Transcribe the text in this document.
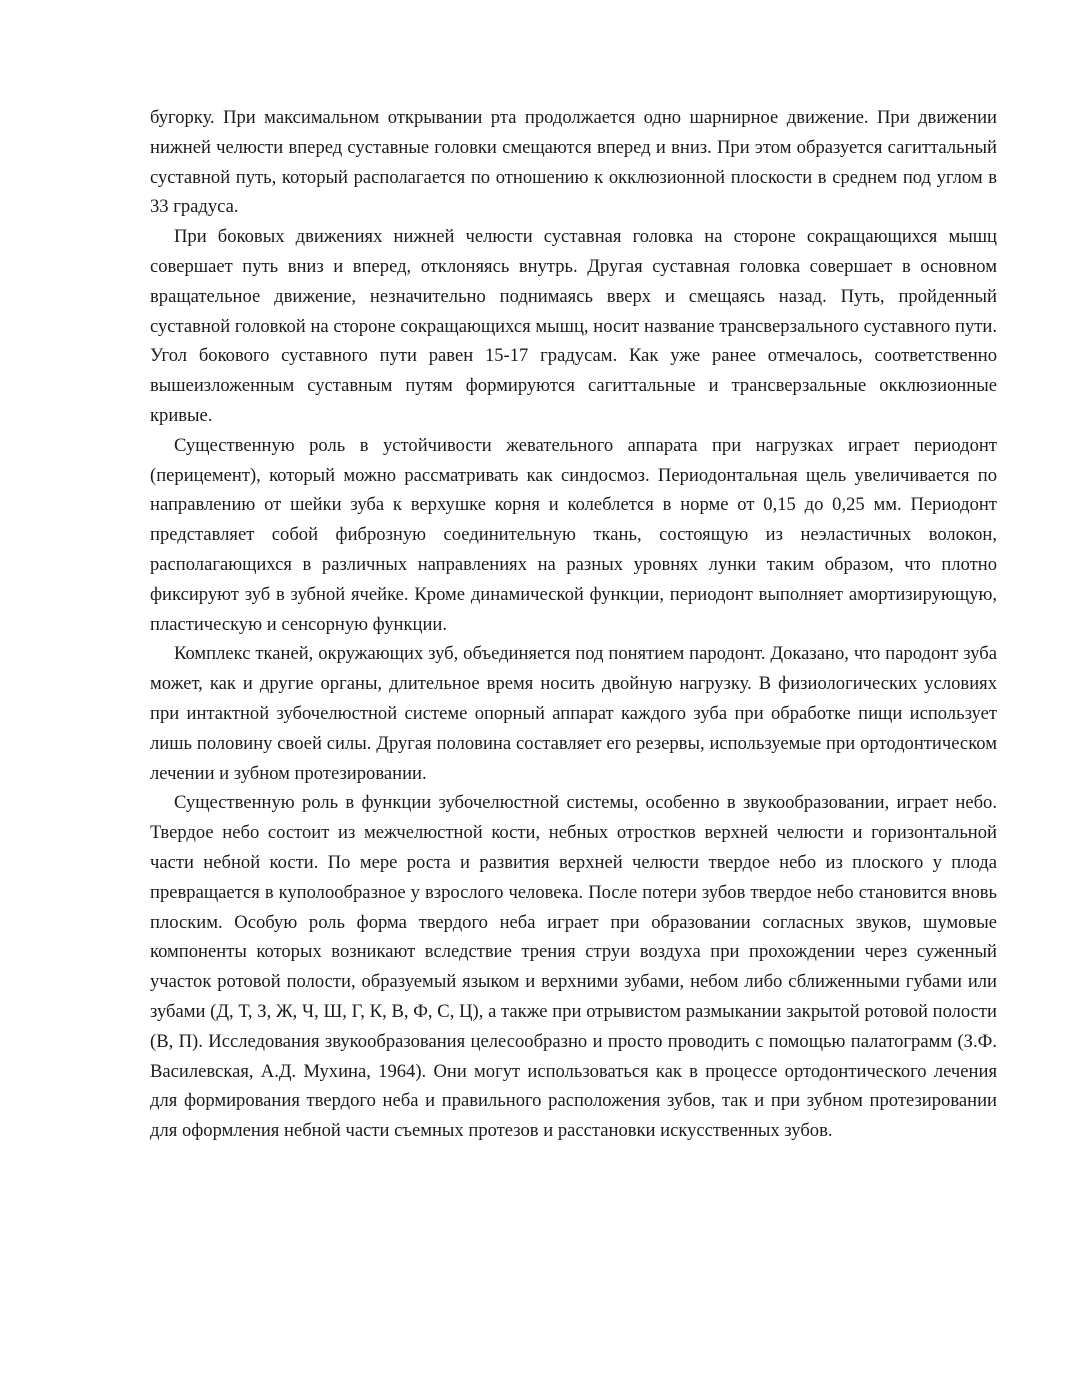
бугорку. При максимальном открывании рта продолжается одно шарнирное движение. При движении нижней челюсти вперед суставные головки смещаются вперед и вниз. При этом образуется сагиттальный суставной путь, который располагается по отношению к окклюзионной плоскости в среднем под углом в 33 градуса.

При боковых движениях нижней челюсти суставная головка на стороне сокращающихся мышц совершает путь вниз и вперед, отклоняясь внутрь. Другая суставная головка совершает в основном вращательное движение, незначительно поднимаясь вверх и смещаясь назад. Путь, пройденный суставной головкой на стороне сокращающихся мышц, носит название трансверзального суставного пути. Угол бокового суставного пути равен 15-17 градусам. Как уже ранее отмечалось, соответственно вышеизложенным суставным путям формируются сагиттальные и трансверзальные окклюзионные кривые.

Существенную роль в устойчивости жевательного аппарата при нагрузках играет периодонт (перицемент), который можно рассматривать как синдосмоз. Периодонтальная щель увеличивается по направлению от шейки зуба к верхушке корня и колеблется в норме от 0,15 до 0,25 мм. Периодонт представляет собой фиброзную соединительную ткань, состоящую из неэластичных волокон, располагающихся в различных направлениях на разных уровнях лунки таким образом, что плотно фиксируют зуб в зубной ячейке. Кроме динамической функции, периодонт выполняет амортизирующую, пластическую и сенсорную функции.

Комплекс тканей, окружающих зуб, объединяется под понятием пародонт. Доказано, что пародонт зуба может, как и другие органы, длительное время носить двойную нагрузку. В физиологических условиях при интактной зубочелюстной системе опорный аппарат каждого зуба при обработке пищи использует лишь половину своей силы. Другая половина составляет его резервы, используемые при ортодонтическом лечении и зубном протезировании.

Существенную роль в функции зубочелюстной системы, особенно в звукообразовании, играет небо. Твердое небо состоит из межчелюстной кости, небных отростков верхней челюсти и горизонтальной части небной кости. По мере роста и развития верхней челюсти твердое небо из плоского у плода превращается в куполообразное у взрослого человека. После потери зубов твердое небо становится вновь плоским. Особую роль форма твердого неба играет при образовании согласных звуков, шумовые компоненты которых возникают вследствие трения струи воздуха при прохождении через суженный участок ротовой полости, образуемый языком и верхними зубами, небом либо сближенными губами или зубами (Д, Т, З, Ж, Ч, Ш, Г, К, В, Ф, С, Ц), а также при отрывистом размыкании закрытой ротовой полости (В, П). Исследования звукообразования целесообразно и просто проводить с помощью палатограмм (З.Ф. Василевская, А.Д. Мухина, 1964). Они могут использоваться как в процессе ортодонтического лечения для формирования твердого неба и правильного расположения зубов, так и при зубном протезировании для оформления небной части съемных протезов и расстановки искусственных зубов.
